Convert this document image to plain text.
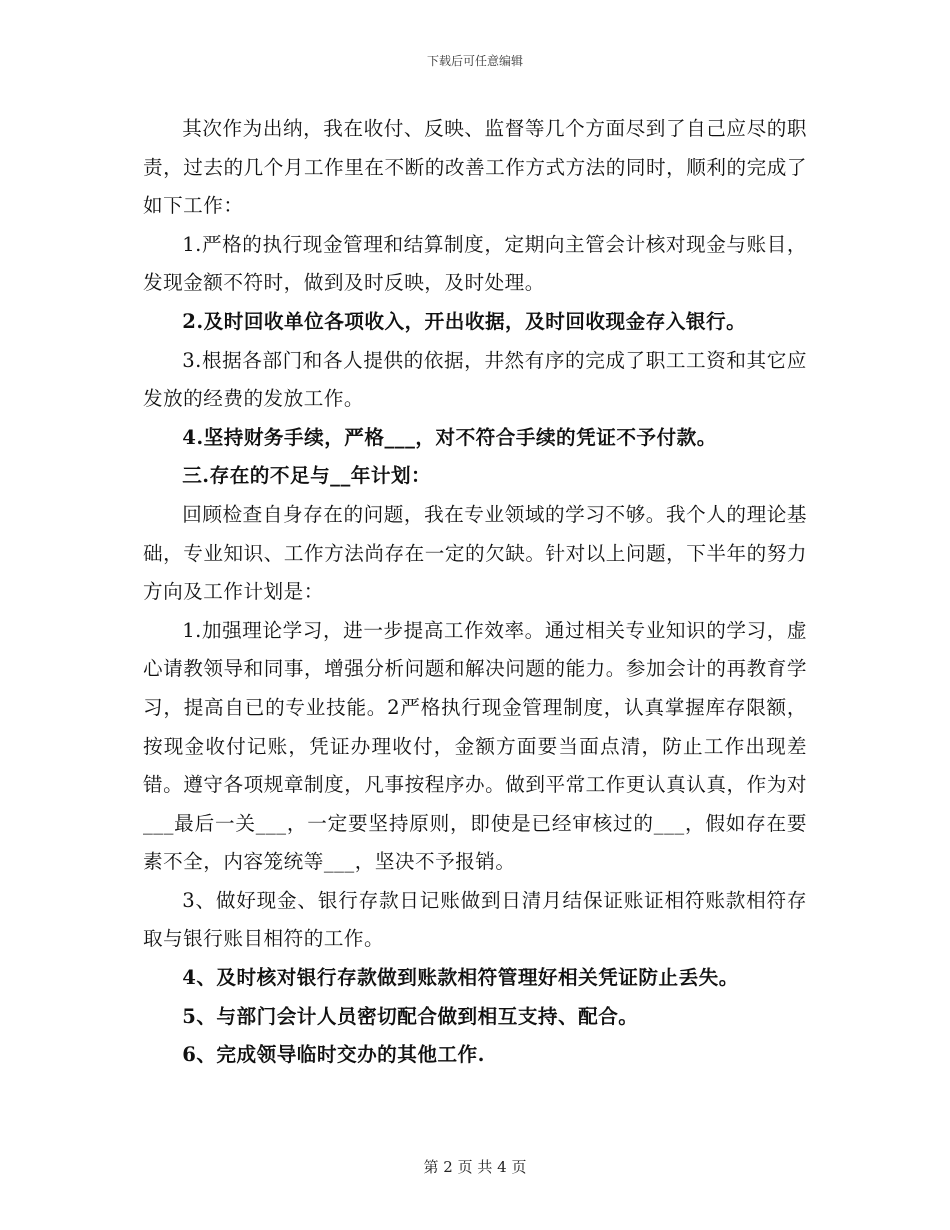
下载后可任意编辑

其次作为出纳，我在收付、反映、监督等几个方面尽到了自己应尽的职责，过去的几个月工作里在不断的改善工作方式方法的同时，顺利的完成了如下工作：

1.严格的执行现金管理和结算制度，定期向主管会计核对现金与账目，发现金额不符时，做到及时反映，及时处理。

2.及时回收单位各项收入，开出收据，及时回收现金存入银行。

3.根据各部门和各人提供的依据，井然有序的完成了职工工资和其它应发放的经费的发放工作。

4.坚持财务手续，严格___，对不符合手续的凭证不予付款。

三.存在的不足与__年计划：

回顾检查自身存在的问题，我在专业领域的学习不够。我个人的理论基础，专业知识、工作方法尚存在一定的欠缺。针对以上问题，下半年的努力方向及工作计划是：

1.加强理论学习，进一步提高工作效率。通过相关专业知识的学习，虚心请教领导和同事，增强分析问题和解决问题的能力。参加会计的再教育学习，提高自已的专业技能。2严格执行现金管理制度，认真掌握库存限额，按现金收付记账，凭证办理收付，金额方面要当面点清，防止工作出现差错。遵守各项规章制度，凡事按程序办。做到平常工作更认真认真，作为对___最后一关___，一定要坚持原则，即使是已经审核过的___，假如存在要素不全，内容笼统等___，坚决不予报销。

3、做好现金、银行存款日记账做到日清月结保证账证相符账款相符存取与银行账目相符的工作。

4、及时核对银行存款做到账款相符管理好相关凭证防止丢失。

5、与部门会计人员密切配合做到相互支持、配合。

6、完成领导临时交办的其他工作.

第 2 页 共 4 页
